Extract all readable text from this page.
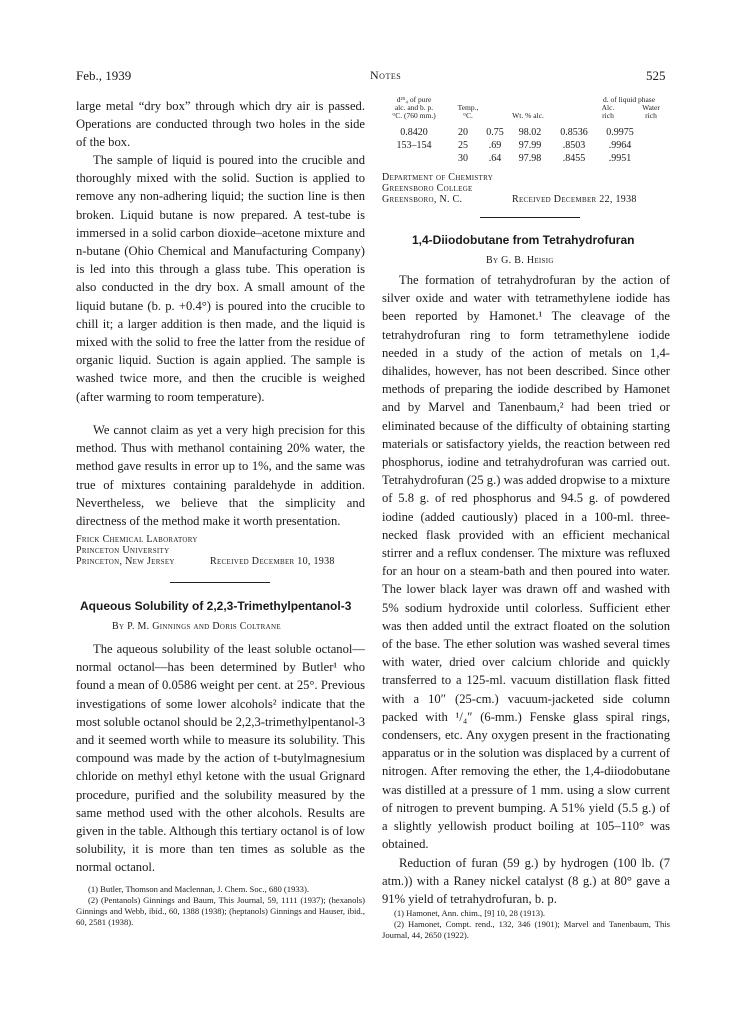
Feb., 1939	Notes	525

large metal “dry box” through which dry air is passed. Operations are conducted through two holes in the side of the box.

The sample of liquid is poured into the crucible and thoroughly mixed with the solid. Suction is applied to remove any non-adhering liquid; the suction line is then broken. Liquid butane is now prepared. A test-tube is immersed in a solid carbon dioxide–acetone mixture and n-butane (Ohio Chemical and Manufacturing Company) is led into this through a glass tube. This operation is also conducted in the dry box. A small amount of the liquid butane (b. p. +0.4°) is poured into the crucible to chill it; a larger addition is then made, and the liquid is mixed with the solid to free the latter from the residue of organic liquid. Suction is again applied. The sample is washed twice more, and then the crucible is weighed (after warming to room temperature).

We cannot claim as yet a very high precision for this method. Thus with methanol containing 20% water, the method gave results in error up to 1%, and the same was true of mixtures containing paraldehyde in addition. Nevertheless, we believe that the simplicity and directness of the method make it worth presentation.

Frick Chemical Laboratory
Princeton University
Princeton, New Jersey	Received December 10, 1938
Aqueous Solubility of 2,2,3-Trimethylpentanol-3
By P. M. Ginnings and Doris Coltrane

The aqueous solubility of the least soluble octanol—normal octanol—has been determined by Butler¹ who found a mean of 0.0586 weight per cent. at 25°. Previous investigations of some lower alcohols² indicate that the most soluble octanol should be 2,2,3-trimethylpentanol-3 and it seemed worth while to measure its solubility. This compound was made by the action of t-butylmagnesium chloride on methyl ethyl ketone with the usual Grignard procedure, purified and the solubility measured by the same method used with the other alcohols. Results are given in the table. Although this tertiary octanol is of low solubility, it is more than ten times as soluble as the normal octanol.

(1) Butler, Thomson and Maclennan, J. Chem. Soc., 680 (1933).

(2) (Pentanols) Ginnings and Baum, This Journal, 59, 1111 (1937); (hexanols) Ginnings and Webb, ibid., 60, 1388 (1938); (heptanols) Ginnings and Hauser, ibid., 60, 2581 (1938).

d²⁵₄ of pure
alc. and b. p.
°C. (760 mm.)
Temp.,
°C.	Wt. % alc.
d. of liquid phase
Alc.
rich
Water
rich
0.8420	20	0.75	98.02	0.8536	0.9975
153–154	25	.69	97.99	.8503	.9964
	30	.64	97.98	.8455	.9951
Department of Chemistry
Greensboro College
Greensboro, N. C.	Received December 22, 1938
1,4-Diiodobutane from Tetrahydrofuran
By G. B. Heisig

The formation of tetrahydrofuran by the action of silver oxide and water with tetramethylene iodide has been reported by Hamonet.¹ The cleavage of the tetrahydrofuran ring to form tetramethylene iodide needed in a study of the action of metals on 1,4-dihalides, however, has not been described. Since other methods of preparing the iodide described by Hamonet and by Marvel and Tanenbaum,² had been tried or eliminated because of the difficulty of obtaining starting materials or satisfactory yields, the reaction between red phosphorus, iodine and tetrahydrofuran was carried out. Tetrahydrofuran (25 g.) was added dropwise to a mixture of 5.8 g. of red phosphorus and 94.5 g. of powdered iodine (added cautiously) placed in a 100-ml. three-necked flask provided with an efficient mechanical stirrer and a reflux condenser. The mixture was refluxed for an hour on a steam-bath and then poured into water. The lower black layer was drawn off and washed with 5% sodium hydroxide until colorless. Sufficient ether was then added until the extract floated on the solution of the base. The ether solution was washed several times with water, dried over calcium chloride and quickly transferred to a 125-ml. vacuum distillation flask fitted with a 10″ (25-cm.) vacuum-jacketed side column packed with ¹/₄″ (6-mm.) Fenske glass spiral rings, condensers, etc. Any oxygen present in the fractionating apparatus or in the solution was displaced by a current of nitrogen. After removing the ether, the 1,4-diiodobutane was distilled at a pressure of 1 mm. using a slow current of nitrogen to prevent bumping. A 51% yield (5.5 g.) of a slightly yellowish product boiling at 105–110° was obtained.

Reduction of furan (59 g.) by hydrogen (100 lb. (7 atm.)) with a Raney nickel catalyst (8 g.) at 80° gave a 91% yield of tetrahydrofuran, b. p.

(1) Hamonet, Ann. chim., [9] 10, 28 (1913).

(2) Hamonet, Compt. rend., 132, 346 (1901); Marvel and Tanenbaum, This Journal, 44, 2650 (1922).
